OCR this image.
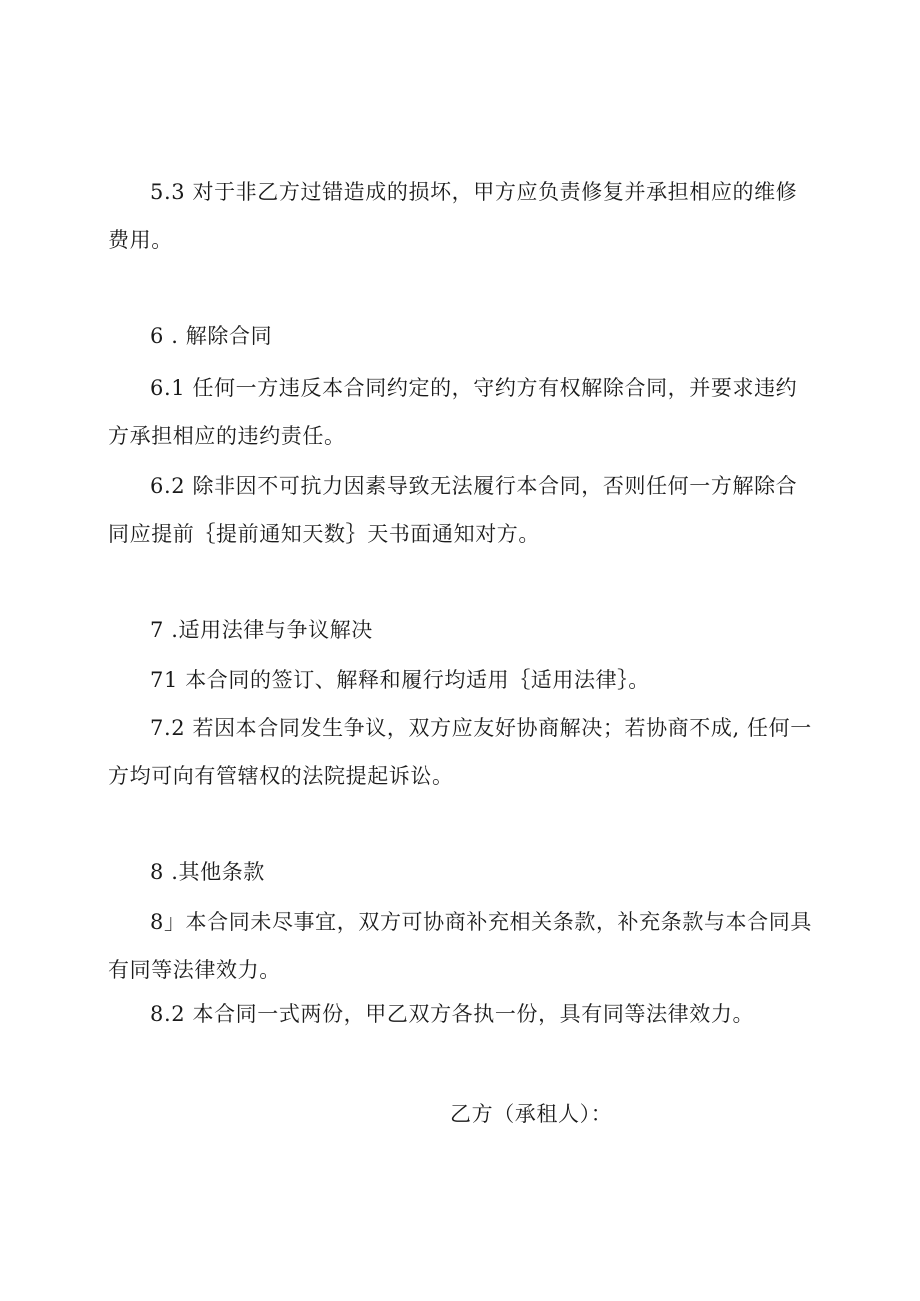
5.3 对于非乙方过错造成的损坏，甲方应负责修复并承担相应的维修
费用。

6 . 解除合同

6.1 任何一方违反本合同约定的，守约方有权解除合同，并要求违约
方承担相应的违约责任。

6.2 除非因不可抗力因素导致无法履行本合同，否则任何一方解除合
同应提前｛提前通知天数｝天书面通知对方。

7 .适用法律与争议解决

71 本合同的签订、解释和履行均适用｛适用法律｝。

7.2 若因本合同发生争议，双方应友好协商解决；若协商不成, 任何一
方均可向有管辖权的法院提起诉讼。

8 .其他条款

8」本合同未尽事宜，双方可协商补充相关条款，补充条款与本合同具
有同等法律效力。

8.2 本合同一式两份，甲乙双方各执一份，具有同等法律效力。

乙方（承租人）：
